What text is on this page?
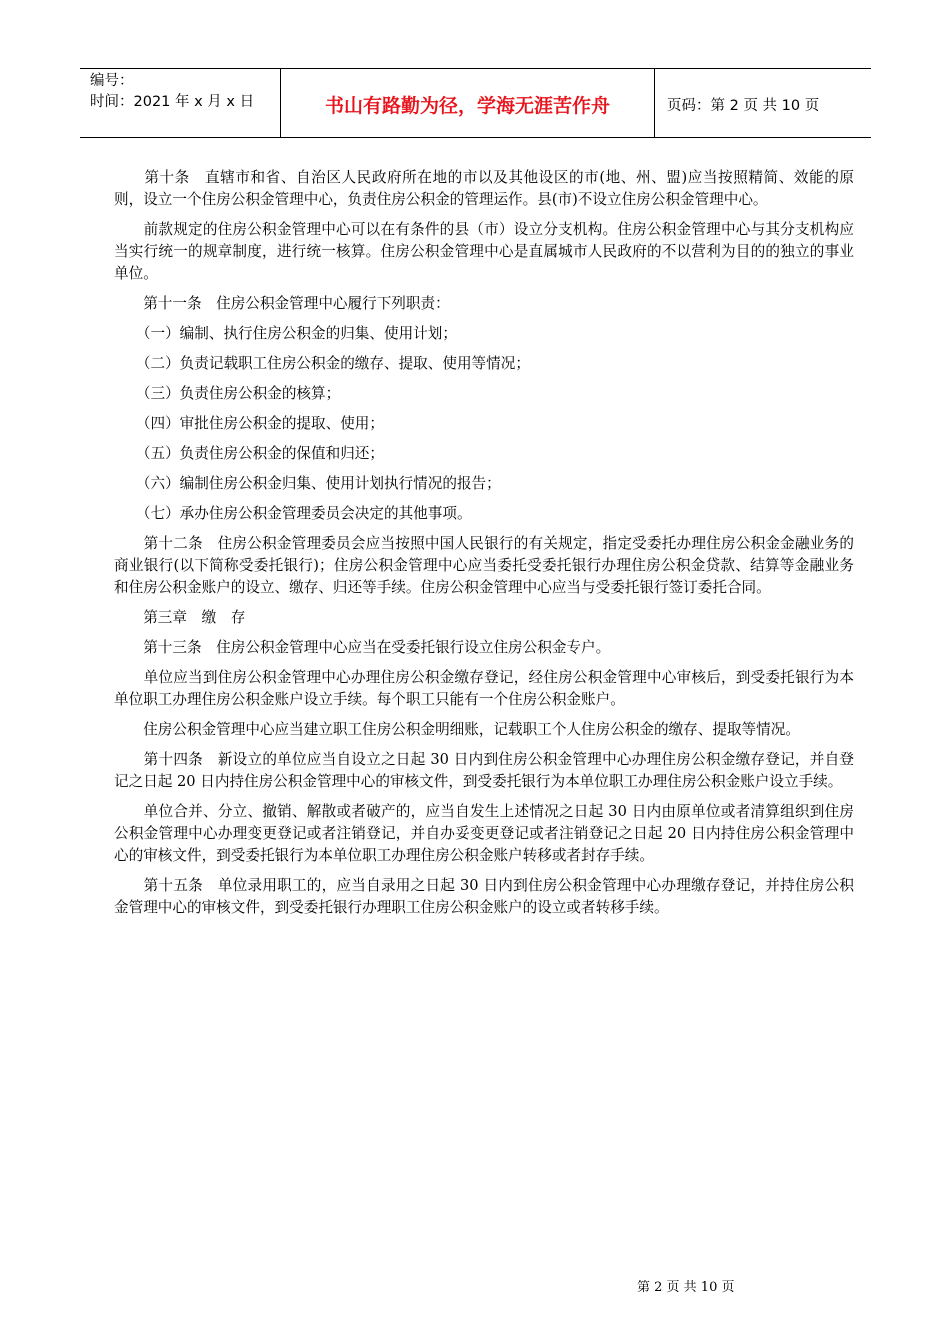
编号：
时间：2021 年 x 月 x 日	书山有路勤为径，学海无涯苦作舟	页码：第 2 页 共 10 页

　　第十条　直辖市和省、自治区人民政府所在地的市以及其他设区的市(地、州、盟)应当按照精简、效能的原则，设立一个住房公积金管理中心，负责住房公积金的管理运作。县(市)不设立住房公积金管理中心。

　　前款规定的住房公积金管理中心可以在有条件的县（市）设立分支机构。住房公积金管理中心与其分支机构应当实行统一的规章制度，进行统一核算。住房公积金管理中心是直属城市人民政府的不以营利为目的的独立的事业单位。

　　第十一条　住房公积金管理中心履行下列职责：

　　（一）编制、执行住房公积金的归集、使用计划；

　　（二）负责记载职工住房公积金的缴存、提取、使用等情况；

　　（三）负责住房公积金的核算；

　　（四）审批住房公积金的提取、使用；

　　（五）负责住房公积金的保值和归还；

　　（六）编制住房公积金归集、使用计划执行情况的报告；

　　（七）承办住房公积金管理委员会决定的其他事项。

　　第十二条　住房公积金管理委员会应当按照中国人民银行的有关规定，指定受委托办理住房公积金金融业务的商业银行(以下简称受委托银行)；住房公积金管理中心应当委托受委托银行办理住房公积金贷款、结算等金融业务和住房公积金账户的设立、缴存、归还等手续。住房公积金管理中心应当与受委托银行签订委托合同。

　　第三章　缴　存

　　第十三条　住房公积金管理中心应当在受委托银行设立住房公积金专户。

　　单位应当到住房公积金管理中心办理住房公积金缴存登记，经住房公积金管理中心审核后，到受委托银行为本单位职工办理住房公积金账户设立手续。每个职工只能有一个住房公积金账户。

　　住房公积金管理中心应当建立职工住房公积金明细账，记载职工个人住房公积金的缴存、提取等情况。

　　第十四条　新设立的单位应当自设立之日起 30 日内到住房公积金管理中心办理住房公积金缴存登记，并自登记之日起 20 日内持住房公积金管理中心的审核文件，到受委托银行为本单位职工办理住房公积金账户设立手续。

　　单位合并、分立、撤销、解散或者破产的，应当自发生上述情况之日起 30 日内由原单位或者清算组织到住房公积金管理中心办理变更登记或者注销登记，并自办妥变更登记或者注销登记之日起 20 日内持住房公积金管理中心的审核文件，到受委托银行为本单位职工办理住房公积金账户转移或者封存手续。

　　第十五条　单位录用职工的，应当自录用之日起 30 日内到住房公积金管理中心办理缴存登记，并持住房公积金管理中心的审核文件，到受委托银行办理职工住房公积金账户的设立或者转移手续。

第 2 页 共 10 页
